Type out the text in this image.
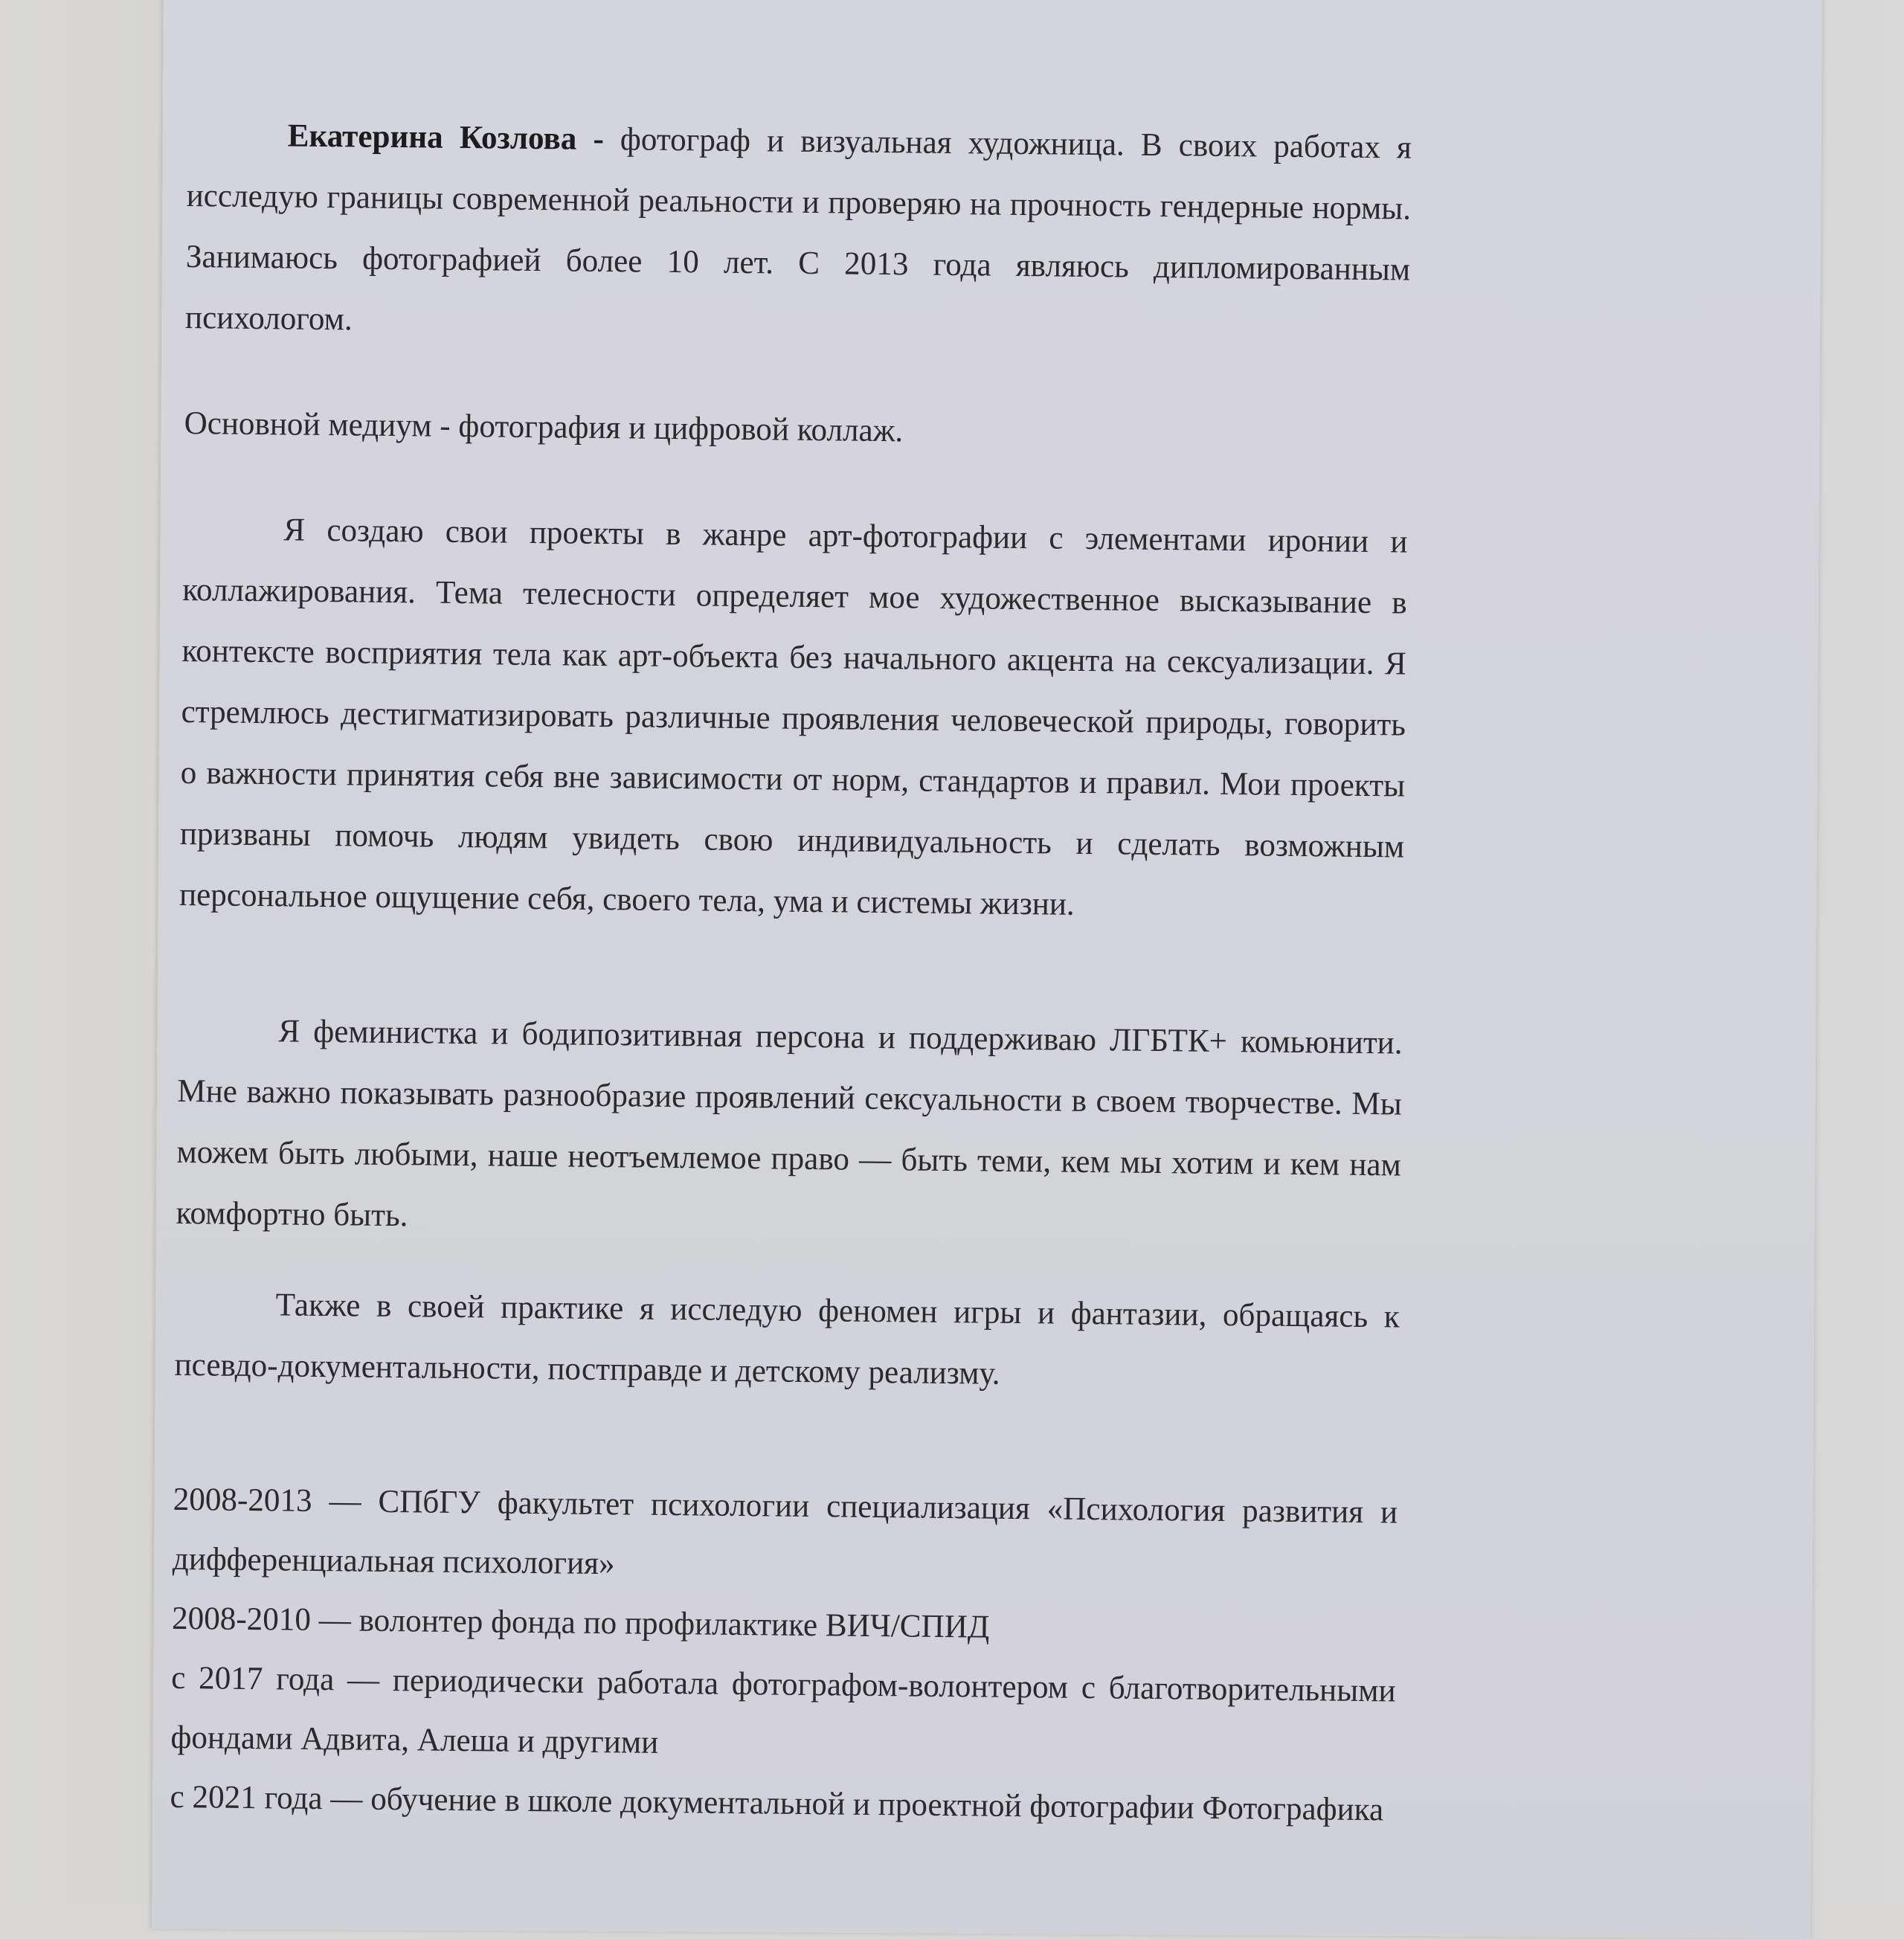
Екатерина Козлова - фотограф и визуальная художница. В своих работах я исследую границы современной реальности и проверяю на прочность гендерные нормы. Занимаюсь фотографией более 10 лет. С 2013 года являюсь дипломированным психологом.

Основной медиум - фотография и цифровой коллаж.

Я создаю свои проекты в жанре арт-фотографии с элементами иронии и коллажирования. Тема телесности определяет мое художественное высказывание в контексте восприятия тела как арт-объекта без начального акцента на сексуализации. Я стремлюсь дестигматизировать различные проявления человеческой природы, говорить о важности принятия себя вне зависимости от норм, стандартов и правил. Мои проекты призваны помочь людям увидеть свою индивидуальность и сделать возможным персональное ощущение себя, своего тела, ума и системы жизни.

Я феминистка и бодипозитивная персона и поддерживаю ЛГБТК+ комьюнити. Мне важно показывать разнообразие проявлений сексуальности в своем творчестве. Мы можем быть любыми, наше неотъемлемое право — быть теми, кем мы хотим и кем нам комфортно быть.

Также в своей практике я исследую феномен игры и фантазии, обращаясь к псевдо-документальности, постправде и детскому реализму.

2008-2013 — СПбГУ факультет психологии специализация «Психология развития и дифференциальная психология»

2008-2010 — волонтер фонда по профилактике ВИЧ/СПИД

с 2017 года — периодически работала фотографом-волонтером с благотворительными фондами Адвита, Алеша и другими

с 2021 года — обучение в школе документальной и проектной фотографии Фотографика
